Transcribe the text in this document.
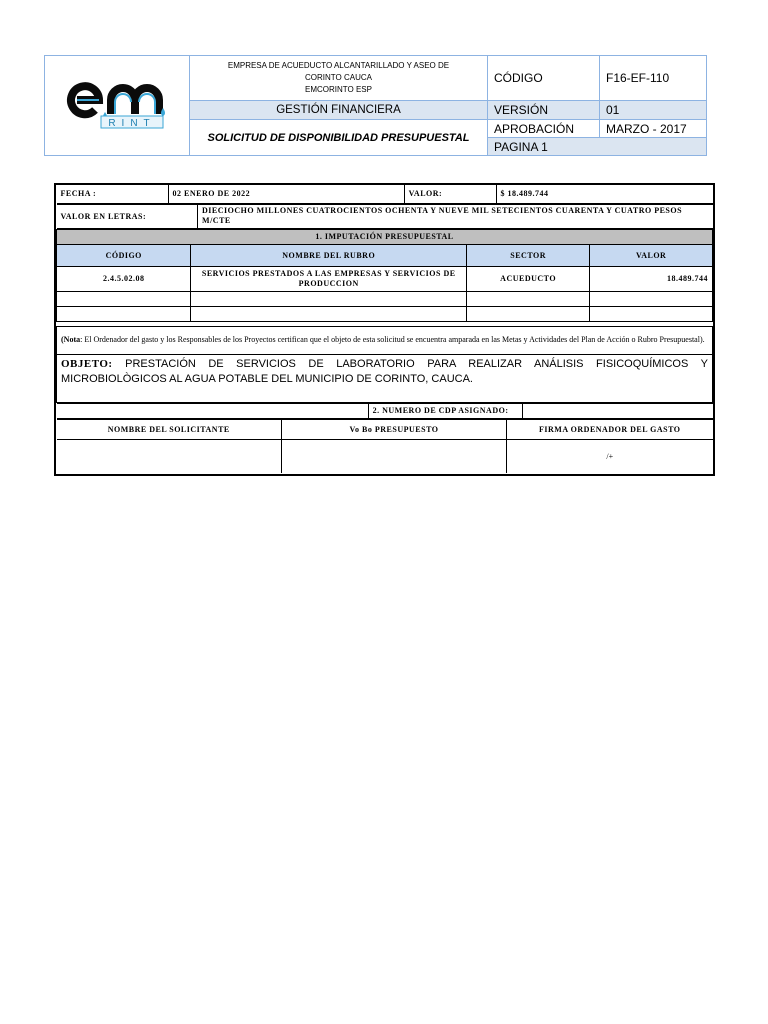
RINT	EMPRESA DE ACUEDUCTO ALCANTARILLADO Y ASEO DE
CORINTO CAUCA
EMCORINTO ESP	CÓDIGO	F16-EF-110
	GESTIÓN FINANCIERA	VERSIÓN	01
	SOLICITUD DE DISPONIBILIDAD PRESUPUESTAL	APROBACIÓN	MARZO - 2017
		PAGINA 1	
FECHA :	02 ENERO DE 2022	VALOR:	$ 18.489.744

VALOR EN LETRAS:	DIECIOCHO MILLONES CUATROCIENTOS OCHENTA Y NUEVE MIL SETECIENTOS CUARENTA Y CUATRO PESOS M/CTE

1. IMPUTACIÓN PRESUPUESTAL
CÓDIGO	NOMBRE DEL RUBRO	SECTOR	VALOR
2.4.5.02.08	SERVICIOS PRESTADOS A LAS EMPRESAS Y SERVICIOS DE PRODUCCION	ACUEDUCTO	18.489.744

(Nota: El Ordenador del gasto y los Responsables de los Proyectos certifican que el objeto de esta solicitud se encuentra amparada en las Metas y Actividades del Plan de Acción o Rubro Presupuestal).
OBJETO: PRESTACIÓN DE SERVICIOS DE LABORATORIO PARA REALIZAR ANÁLISIS FISICOQUÍMICOS Y MICROBIOLÒGICOS AL AGUA POTABLE DEL MUNICIPIO DE CORINTO, CAUCA.

	2. NUMERO DE CDP ASIGNADO:	

NOMBRE DEL SOLICITANTE	Vo Bo PRESUPUESTO	FIRMA ORDENADOR DEL GASTO
		/+
